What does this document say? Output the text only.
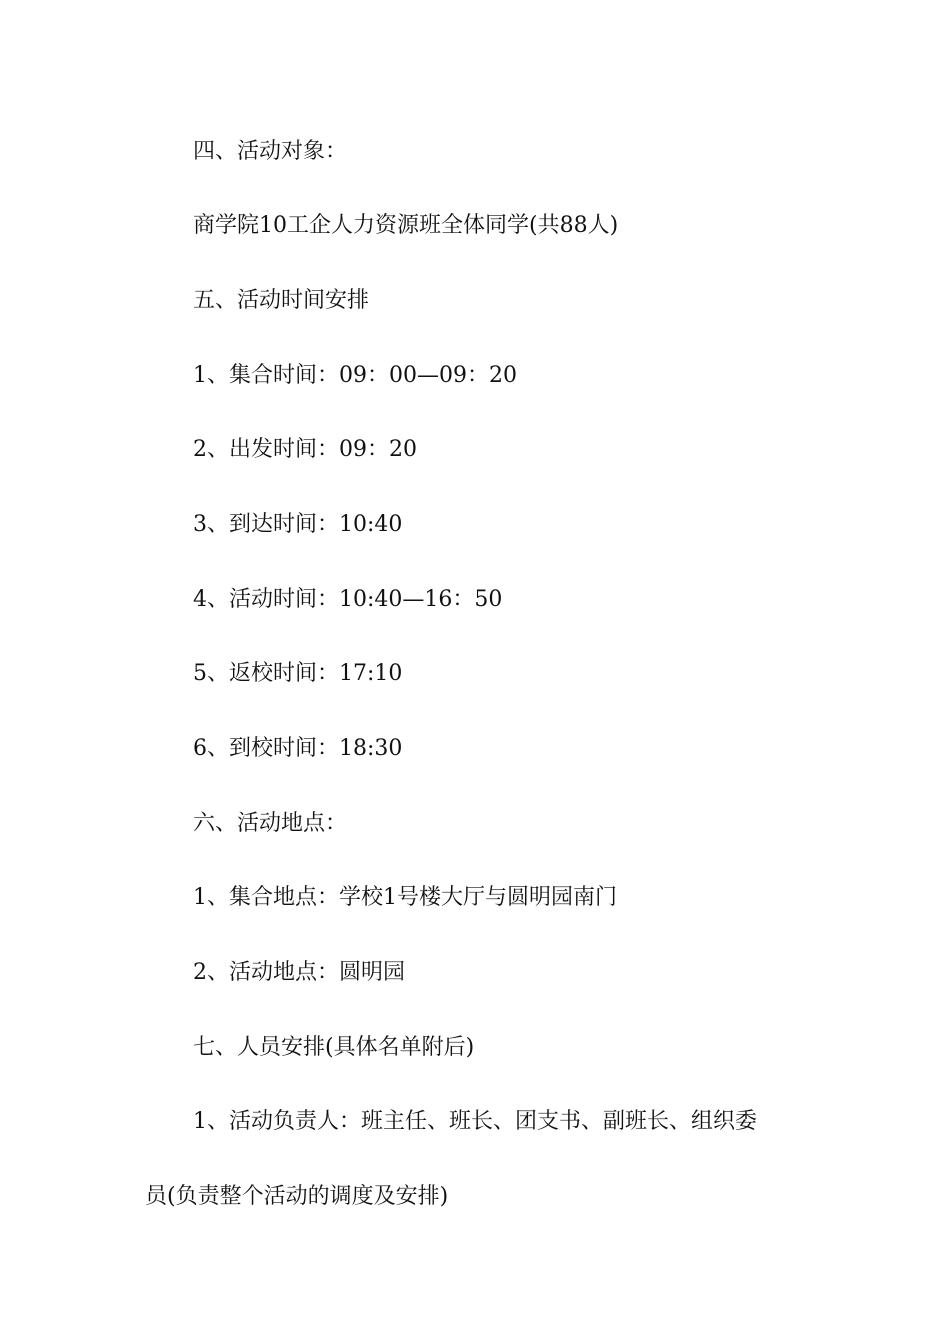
四、活动对象：

商学院10工企人力资源班全体同学(共88人)

五、活动时间安排

1、集合时间：09：00—09：20

2、出发时间：09：20

3、到达时间：10:40

4、活动时间：10:40—16：50

5、返校时间：17:10

6、到校时间：18:30

六、活动地点：

1、集合地点：学校1号楼大厅与圆明园南门

2、活动地点：圆明园

七、人员安排(具体名单附后)

1、活动负责人：班主任、班长、团支书、副班长、组织委

员(负责整个活动的调度及安排)
